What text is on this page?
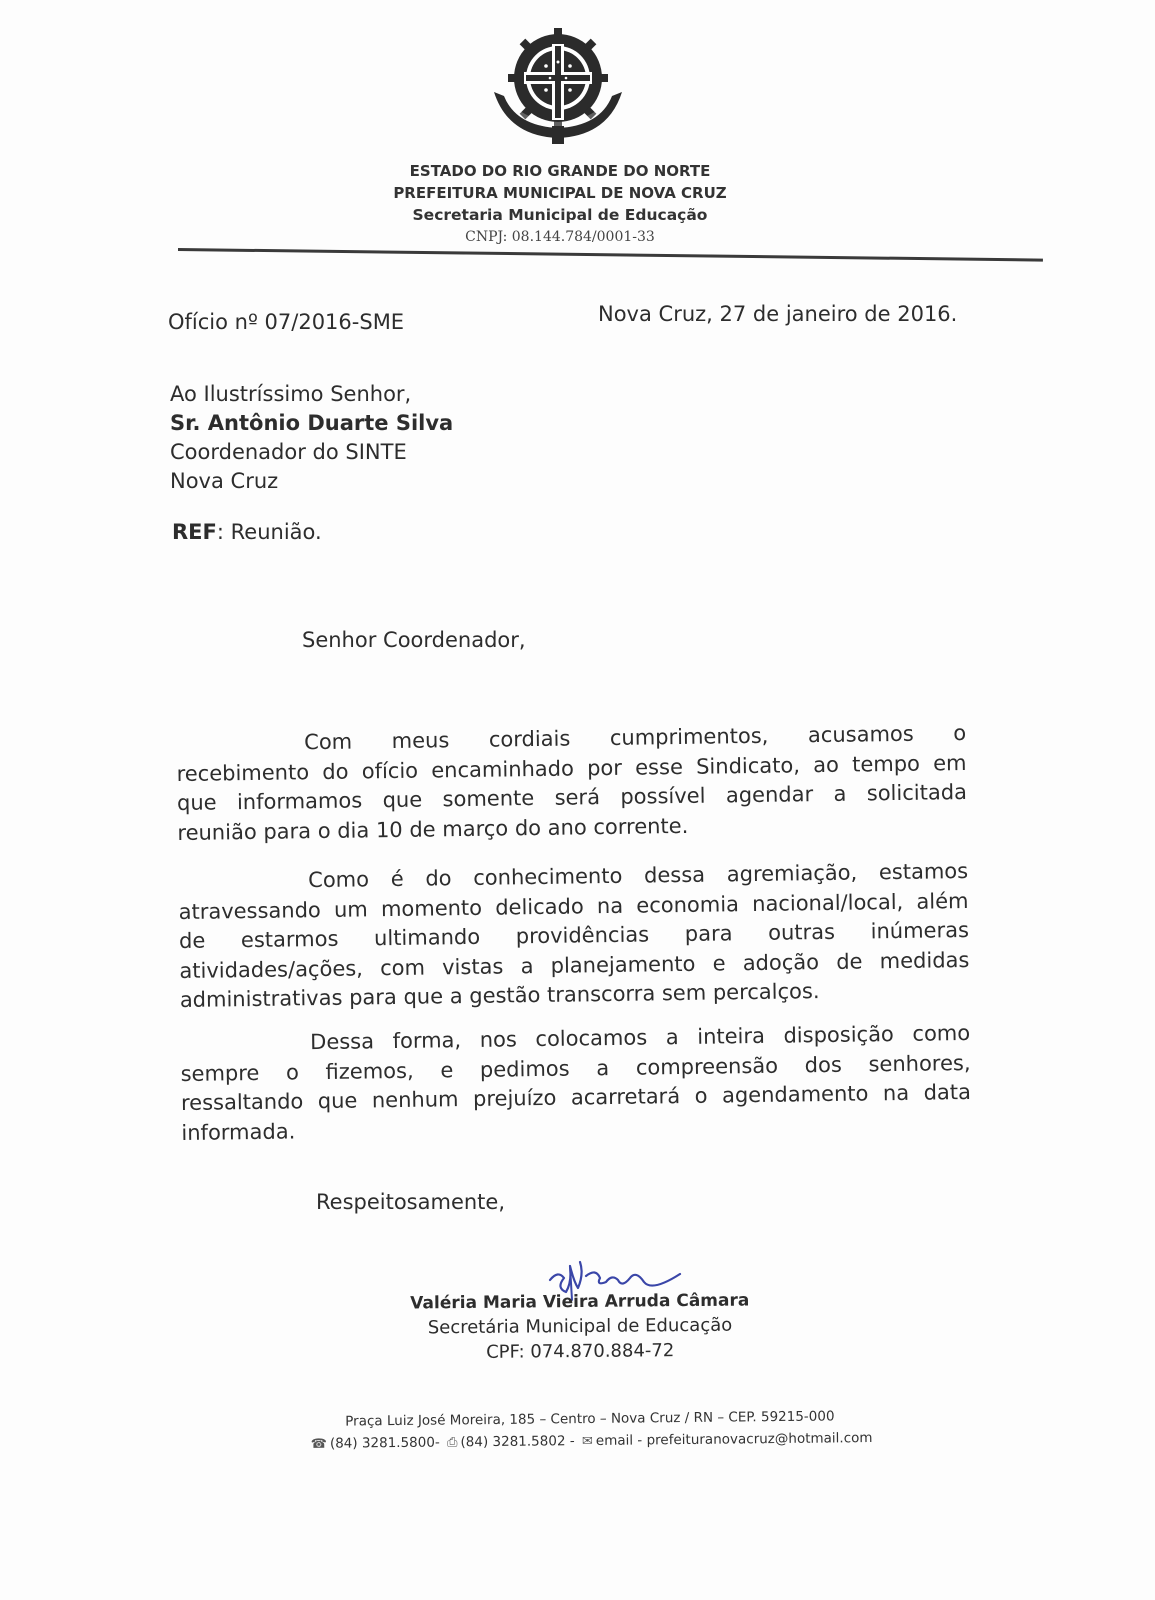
ESTADO DO RIO GRANDE DO NORTE
PREFEITURA MUNICIPAL DE NOVA CRUZ
Secretaria Municipal de Educação
CNPJ: 08.144.784/0001-33
Ofício nº 07/2016-SME	Nova Cruz, 27 de janeiro de 2016.
Ao Ilustríssimo Senhor,
Sr. Antônio Duarte Silva
Coordenador do SINTE
Nova Cruz
REF: Reunião.
Senhor Coordenador,
Com meus cordiais cumprimentos, acusamos o
recebimento do ofício encaminhado por esse Sindicato, ao tempo em
que informamos que somente será possível agendar a solicitada
reunião para o dia 10 de março do ano corrente.
Como é do conhecimento dessa agremiação, estamos
atravessando um momento delicado na economia nacional/local, além
de estarmos ultimando providências para outras inúmeras
atividades/ações, com vistas a planejamento e adoção de medidas
administrativas para que a gestão transcorra sem percalços.
Dessa forma, nos colocamos a inteira disposição como
sempre o fizemos, e pedimos a compreensão dos senhores,
ressaltando que nenhum prejuízo acarretará o agendamento na data
informada.
Respeitosamente,
Valéria Maria Vieira Arruda Câmara
Secretária Municipal de Educação
CPF: 074.870.884-72
Praça Luiz José Moreira, 185 – Centro – Nova Cruz / RN – CEP. 59215-000
☎ (84) 3281.5800- ⎙ (84) 3281.5802 - ✉ email - prefeituranovacruz@hotmail.com
